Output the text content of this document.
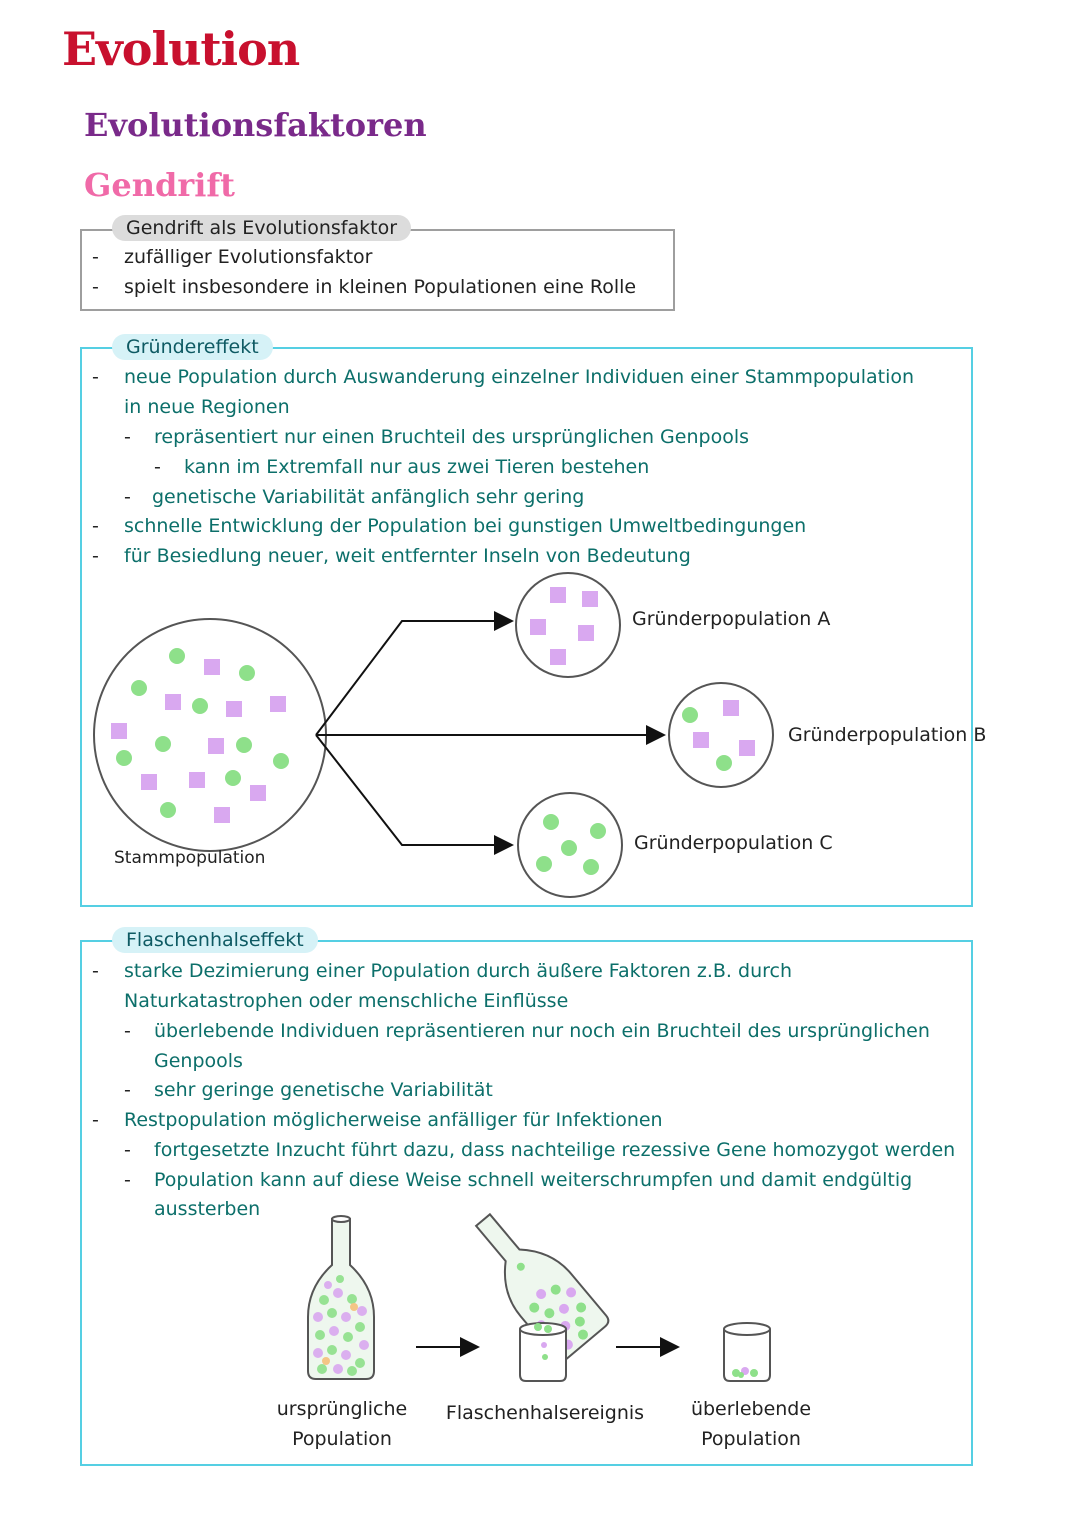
Evolution
Evolutionsfaktoren
Gendrift
Gendrift als Evolutionsfaktor
- zufälliger Evolutionsfaktor
- spielt insbesondere in kleinen Populationen eine Rolle
Gründereffekt
- neue Population durch Auswanderung einzelner Individuen einer Stammpopulation
in neue Regionen
- repräsentiert nur einen Bruchteil des ursprünglichen Genpools
- kann im Extremfall nur aus zwei Tieren bestehen
- genetische Variabilität anfänglich sehr gering
- schnelle Entwicklung der Population bei gunstigen Umweltbedingungen
- für Besiedlung neuer, weit entfernter Inseln von Bedeutung
Stammpopulation
Gründerpopulation A
Gründerpopulation B
Gründerpopulation C
Flaschenhalseffekt
- starke Dezimierung einer Population durch äußere Faktoren z.B. durch
Naturkatastrophen oder menschliche Einflüsse
- überlebende Individuen repräsentieren nur noch ein Bruchteil des ursprünglichen
Genpools
- sehr geringe genetische Variabilität
- Restpopulation möglicherweise anfälliger für Infektionen
- fortgesetzte Inzucht führt dazu, dass nachteilige rezessive Gene homozygot werden
- Population kann auf diese Weise schnell weiterschrumpfen und damit endgültig
aussterben
ursprüngliche
Population
Flaschenhalsereignis	überlebende
Population
